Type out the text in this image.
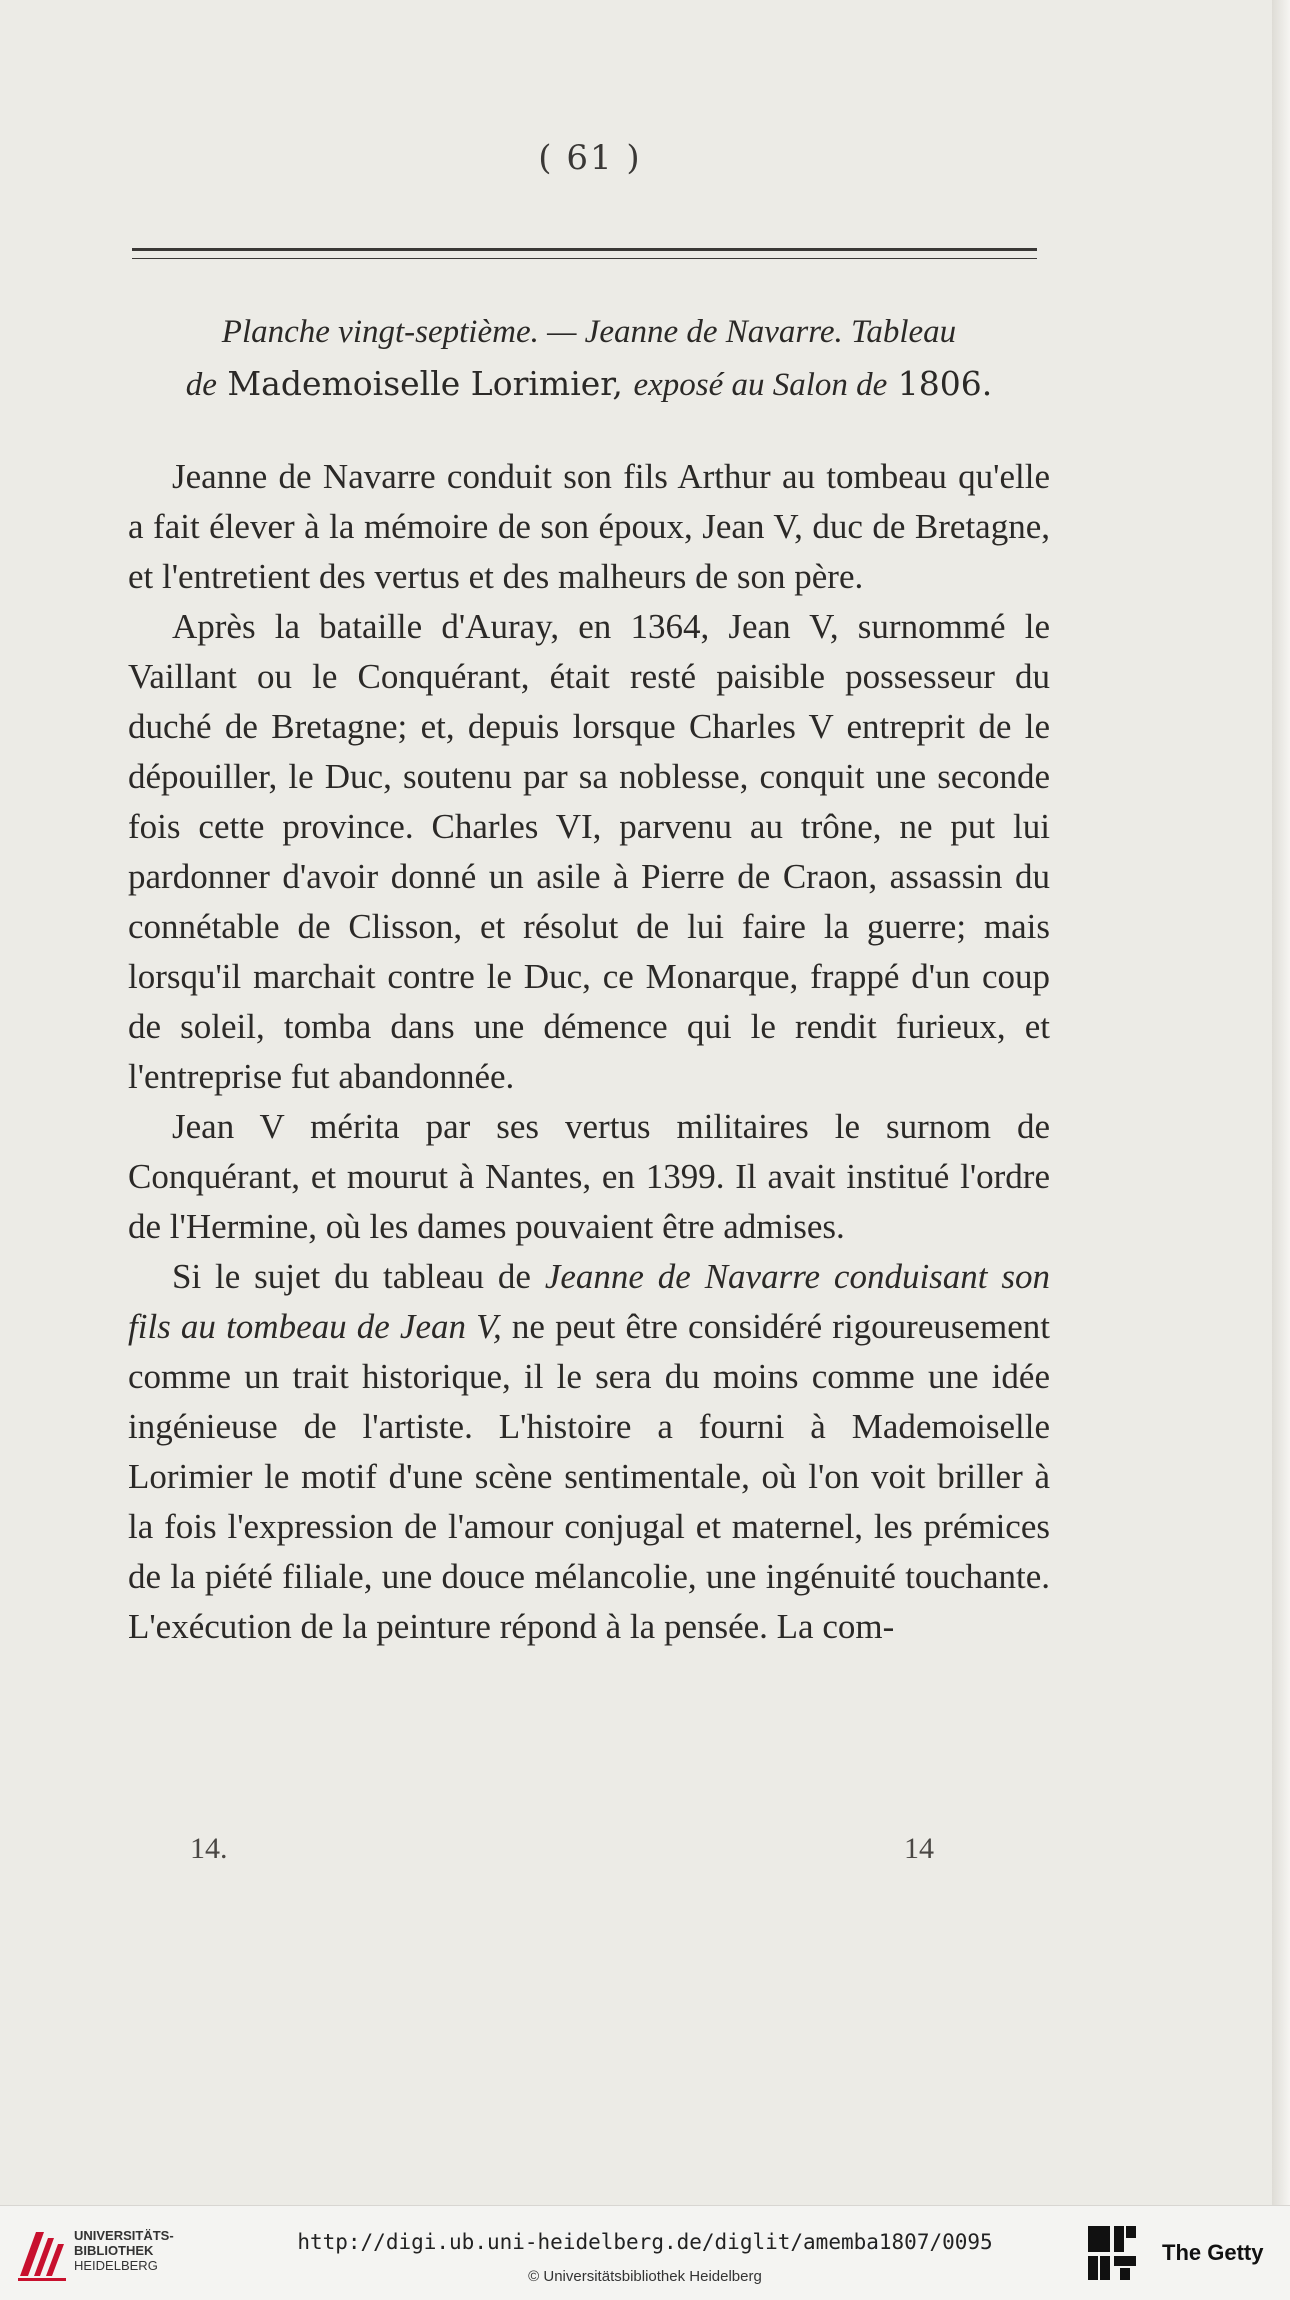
( 61 )
Planche vingt-septième. — Jeanne de Navarre. Tableau
de Mademoiselle Lorimier, exposé au Salon de 1806.

Jeanne de Navarre conduit son fils Arthur au tombeau qu'elle a fait élever à la mémoire de son époux, Jean V, duc de Bretagne, et l'entretient des vertus et des malheurs de son père.

Après la bataille d'Auray, en 1364, Jean V, surnommé le Vaillant ou le Conquérant, était resté paisible possesseur du duché de Bretagne; et, depuis lorsque Charles V entreprit de le dépouiller, le Duc, soutenu par sa noblesse, conquit une seconde fois cette province. Charles VI, parvenu au trône, ne put lui pardonner d'avoir donné un asile à Pierre de Craon, assassin du connétable de Clisson, et résolut de lui faire la guerre; mais lorsqu'il marchait contre le Duc, ce Monarque, frappé d'un coup de soleil, tomba dans une démence qui le rendit furieux, et l'entreprise fut abandonnée.

Jean V mérita par ses vertus militaires le surnom de Conquérant, et mourut à Nantes, en 1399. Il avait institué l'ordre de l'Hermine, où les dames pouvaient être admises.

Si le sujet du tableau de Jeanne de Navarre conduisant son fils au tombeau de Jean V, ne peut être considéré rigoureusement comme un trait historique, il le sera du moins comme une idée ingénieuse de l'artiste. L'histoire a fourni à Mademoiselle Lorimier le motif d'une scène sentimentale, où l'on voit briller à la fois l'expression de l'amour conjugal et maternel, les prémices de la piété filiale, une douce mélancolie, une ingénuité touchante. L'exécution de la peinture répond à la pensée. La com-

14.	14
UNIVERSITÄTS-
BIBLIOTHEK
HEIDELBERG
http://digi.ub.uni-heidelberg.de/diglit/amemba1807/0095
© Universitätsbibliothek Heidelberg
The Getty
